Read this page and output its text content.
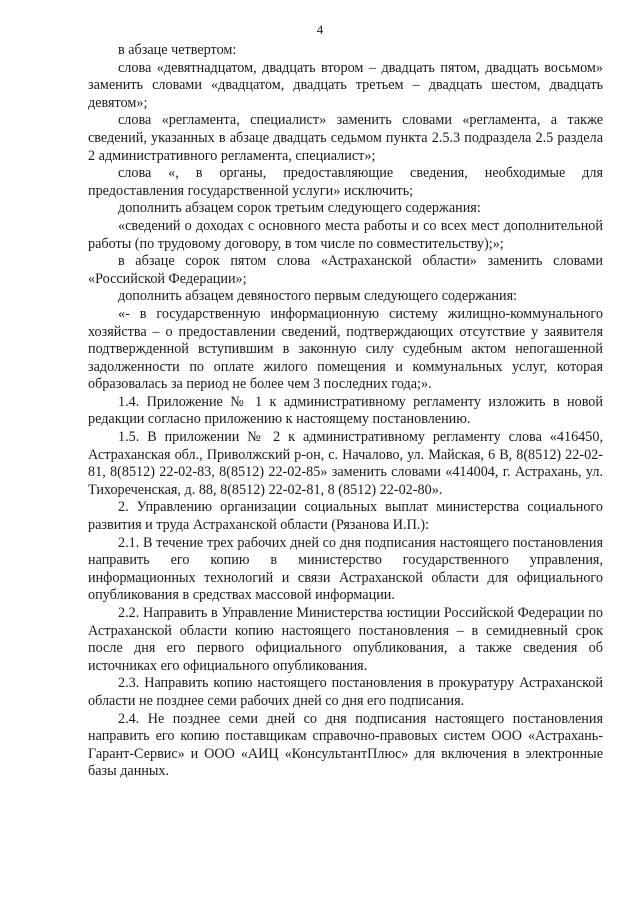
4

в абзаце четвертом:

слова «девятнадцатом, двадцать втором – двадцать пятом, двадцать восьмом» заменить словами «двадцатом, двадцать третьем – двадцать шестом, двадцать девятом»;

слова «регламента, специалист» заменить словами «регламента, а также сведений, указанных в абзаце двадцать седьмом пункта 2.5.3 подраздела 2.5 раздела 2 административного регламента, специалист»;

слова «, в органы, предоставляющие сведения, необходимые для предоставления государственной услуги» исключить;

дополнить абзацем сорок третьим следующего содержания:

«сведений о доходах с основного места работы и со всех мест дополнительной работы (по трудовому договору, в том числе по совместительству);»;

в абзаце сорок пятом слова «Астраханской области» заменить словами «Российской Федерации»;

дополнить абзацем девяностого первым следующего содержания:

«- в государственную информационную систему жилищно-коммунального хозяйства – о предоставлении сведений, подтверждающих отсутствие у заявителя подтвержденной вступившим в законную силу судебным актом непогашенной задолженности по оплате жилого помещения и коммунальных услуг, которая образовалась за период не более чем 3 последних года;».

1.4. Приложение № 1 к административному регламенту изложить в новой редакции согласно приложению к настоящему постановлению.

1.5. В приложении № 2 к административному регламенту слова «416450, Астраханская обл., Приволжский р-он, с. Началово, ул. Майская, 6 В, 8(8512) 22-02-81, 8(8512) 22-02-83, 8(8512) 22-02-85» заменить словами «414004, г. Астрахань, ул. Тихореченская, д. 88, 8(8512) 22-02-81, 8 (8512) 22-02-80».

2. Управлению организации социальных выплат министерства социального развития и труда Астраханской области (Рязанова И.П.):

2.1. В течение трех рабочих дней со дня подписания настоящего постановления направить его копию в министерство государственного управления, информационных технологий и связи Астраханской области для официального опубликования в средствах массовой информации.

2.2. Направить в Управление Министерства юстиции Российской Федерации по Астраханской области копию настоящего постановления – в семидневный срок после дня его первого официального опубликования, а также сведения об источниках его официального опубликования.

2.3. Направить копию настоящего постановления в прокуратуру Астраханской области не позднее семи рабочих дней со дня его подписания.

2.4. Не позднее семи дней со дня подписания настоящего постановления направить его копию поставщикам справочно-правовых систем ООО «Астрахань-Гарант-Сервис» и ООО «АИЦ «КонсультантПлюс» для включения в электронные базы данных.
